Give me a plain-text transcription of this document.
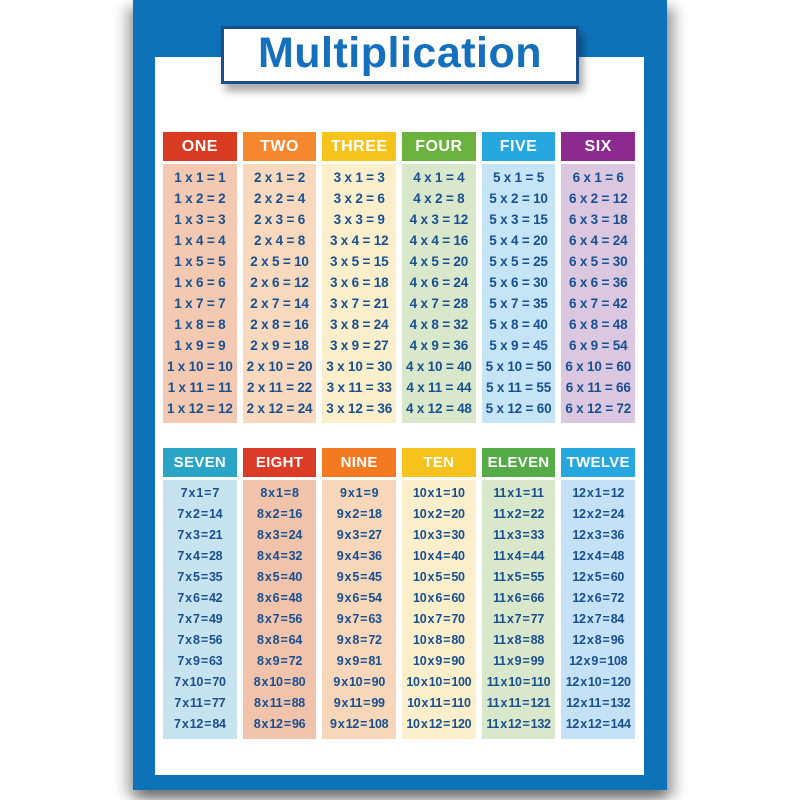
Multiplication
ONE
1 x 1 = 1
1 x 2 = 2
1 x 3 = 3
1 x 4 = 4
1 x 5 = 5
1 x 6 = 6
1 x 7 = 7
1 x 8 = 8
1 x 9 = 9
1 x 10 = 10
1 x 11 = 11
1 x 12 = 12
TWO
2 x 1 = 2
2 x 2 = 4
2 x 3 = 6
2 x 4 = 8
2 x 5 = 10
2 x 6 = 12
2 x 7 = 14
2 x 8 = 16
2 x 9 = 18
2 x 10 = 20
2 x 11 = 22
2 x 12 = 24
THREE
3 x 1 = 3
3 x 2 = 6
3 x 3 = 9
3 x 4 = 12
3 x 5 = 15
3 x 6 = 18
3 x 7 = 21
3 x 8 = 24
3 x 9 = 27
3 x 10 = 30
3 x 11 = 33
3 x 12 = 36
FOUR
4 x 1 = 4
4 x 2 = 8
4 x 3 = 12
4 x 4 = 16
4 x 5 = 20
4 x 6 = 24
4 x 7 = 28
4 x 8 = 32
4 x 9 = 36
4 x 10 = 40
4 x 11 = 44
4 x 12 = 48
FIVE
5 x 1 = 5
5 x 2 = 10
5 x 3 = 15
5 x 4 = 20
5 x 5 = 25
5 x 6 = 30
5 x 7 = 35
5 x 8 = 40
5 x 9 = 45
5 x 10 = 50
5 x 11 = 55
5 x 12 = 60
SIX
6 x 1 = 6
6 x 2 = 12
6 x 3 = 18
6 x 4 = 24
6 x 5 = 30
6 x 6 = 36
6 x 7 = 42
6 x 8 = 48
6 x 9 = 54
6 x 10 = 60
6 x 11 = 66
6 x 12 = 72
SEVEN
7 x 1 = 7
7 x 2 = 14
7 x 3 = 21
7 x 4 = 28
7 x 5 = 35
7 x 6 = 42
7 x 7 = 49
7 x 8 = 56
7 x 9 = 63
7 x 10 = 70
7 x 11 = 77
7 x 12 = 84
EIGHT
8 x 1 = 8
8 x 2 = 16
8 x 3 = 24
8 x 4 = 32
8 x 5 = 40
8 x 6 = 48
8 x 7 = 56
8 x 8 = 64
8 x 9 = 72
8 x 10 = 80
8 x 11 = 88
8 x 12 = 96
NINE
9 x 1 = 9
9 x 2 = 18
9 x 3 = 27
9 x 4 = 36
9 x 5 = 45
9 x 6 = 54
9 x 7 = 63
9 x 8 = 72
9 x 9 = 81
9 x 10 = 90
9 x 11 = 99
9 x 12 = 108
TEN
10 x 1 = 10
10 x 2 = 20
10 x 3 = 30
10 x 4 = 40
10 x 5 = 50
10 x 6 = 60
10 x 7 = 70
10 x 8 = 80
10 x 9 = 90
10 x 10 = 100
10 x 11 = 110
10 x 12 = 120
ELEVEN
11 x 1 = 11
11 x 2 = 22
11 x 3 = 33
11 x 4 = 44
11 x 5 = 55
11 x 6 = 66
11 x 7 = 77
11 x 8 = 88
11 x 9 = 99
11 x 10 = 110
11 x 11 = 121
11 x 12 = 132
TWELVE
12 x 1 = 12
12 x 2 = 24
12 x 3 = 36
12 x 4 = 48
12 x 5 = 60
12 x 6 = 72
12 x 7 = 84
12 x 8 = 96
12 x 9 = 108
12 x 10 = 120
12 x 11 = 132
12 x 12 = 144
